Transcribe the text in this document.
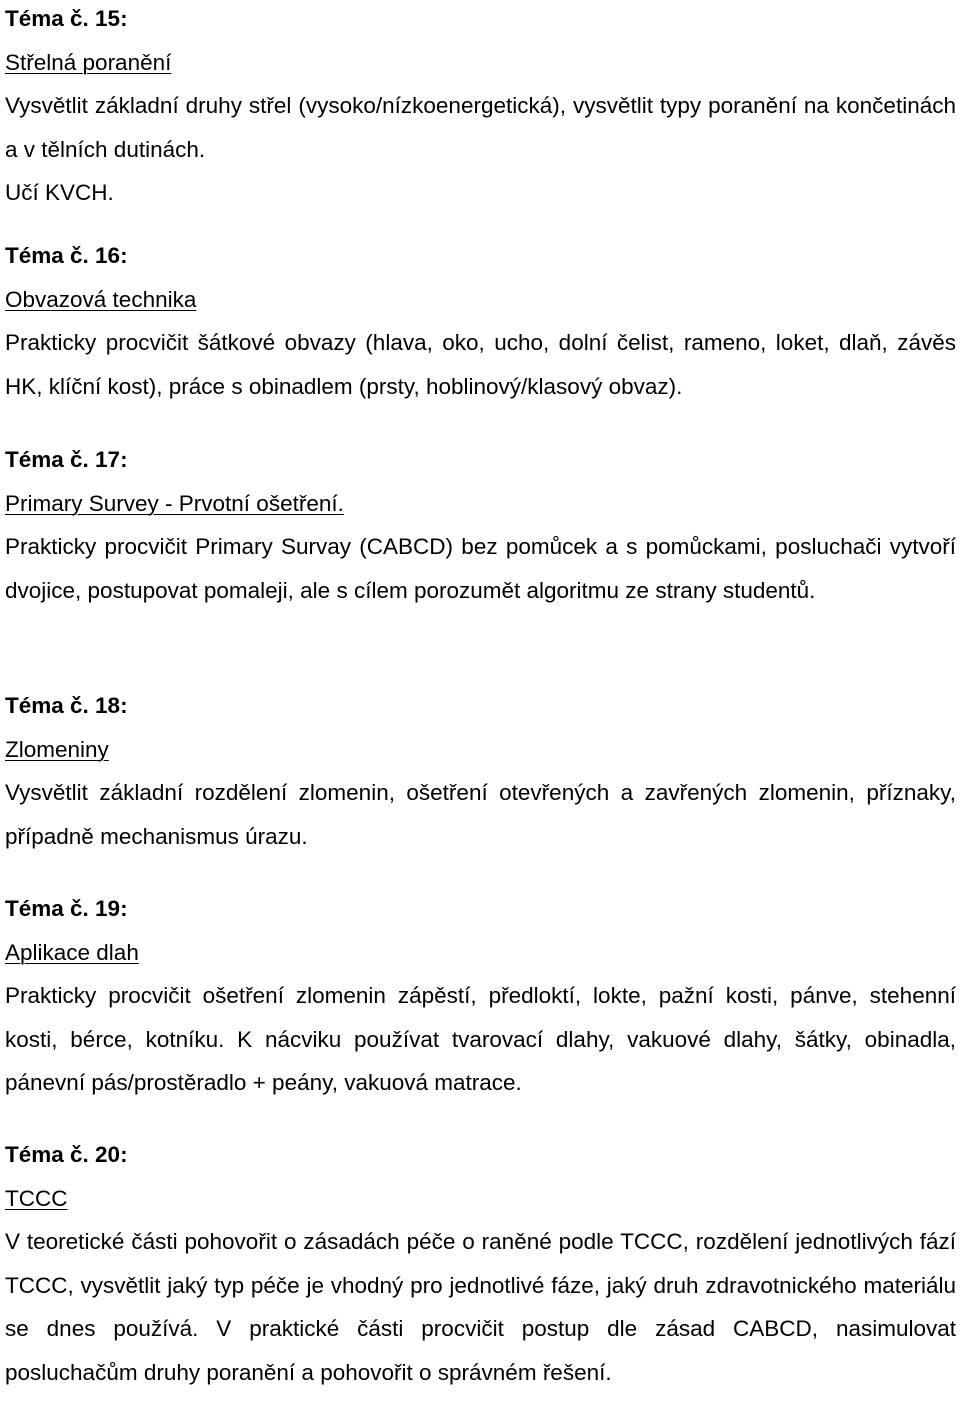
Téma č. 15:
Střelná poranění

Vysvětlit základní druhy střel (vysoko/nízkoenergetická), vysvětlit typy poranění na končetinách a v tělních dutinách.

Učí KVCH.
Téma č. 16:
Obvazová technika

Prakticky procvičit šátkové obvazy (hlava, oko, ucho, dolní čelist, rameno, loket, dlaň, závěs HK, klíční kost), práce s obinadlem (prsty, hoblinový/klasový obvaz).

Téma č. 17:
Primary Survey - Prvotní ošetření.

Prakticky procvičit Primary Survay (CABCD) bez pomůcek a s pomůckami, posluchači vytvoří dvojice, postupovat pomaleji, ale s cílem porozumět algoritmu ze strany studentů.

Téma č. 18:
Zlomeniny

Vysvětlit základní rozdělení zlomenin, ošetření otevřených a zavřených zlomenin, příznaky, případně mechanismus úrazu.

Téma č. 19:
Aplikace dlah

Prakticky procvičit ošetření zlomenin zápěstí, předloktí, lokte, pažní kosti, pánve, stehenní kosti, bérce, kotníku. K nácviku používat tvarovací dlahy, vakuové dlahy, šátky, obinadla, pánevní pás/prostěradlo + peány, vakuová matrace.

Téma č. 20:
TCCC

V teoretické části pohovořit o zásadách péče o raněné podle TCCC, rozdělení jednotlivých fází TCCC, vysvětlit jaký typ péče je vhodný pro jednotlivé fáze, jaký druh zdravotnického materiálu se dnes používá. V praktické části procvičit postup dle zásad CABCD, nasimulovat posluchačům druhy poranění a pohovořit o správném řešení.
